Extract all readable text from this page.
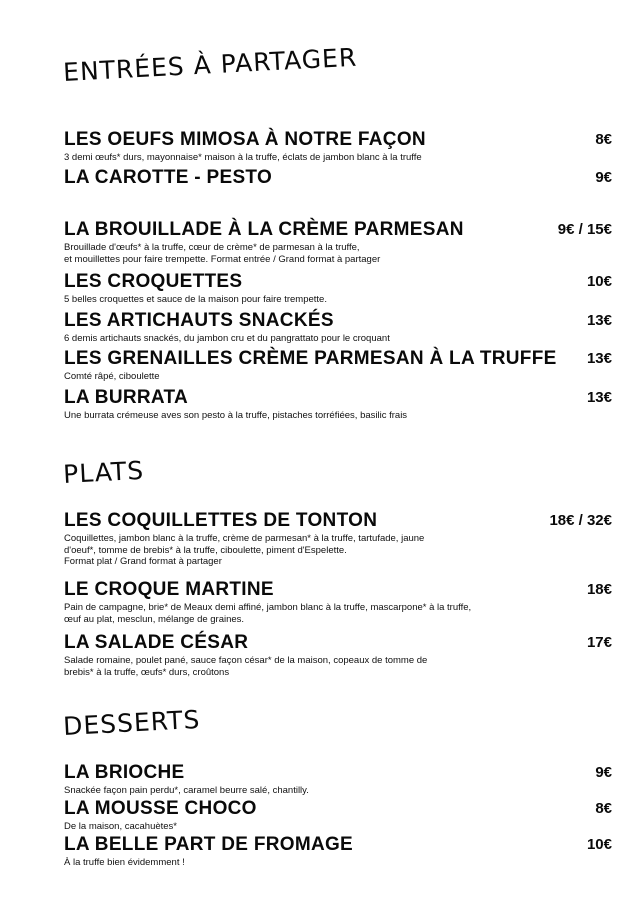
ENTRÉES À PARTAGER
LES OEUFS MIMOSA À NOTRE FAÇON	8€
3 demi œufs* durs, mayonnaise* maison à la truffe, éclats de jambon blanc à la truffe
LA CAROTTE - PESTO	9€
LA BROUILLADE À LA CRÈME PARMESAN	9€ / 15€
Brouillade d'œufs* à la truffe, cœur de crème* de parmesan à la truffe,
et mouillettes pour faire trempette. Format entrée / Grand format à partager
LES CROQUETTES	10€
5 belles croquettes et sauce de la maison pour faire trempette.
LES ARTICHAUTS SNACKÉS	13€
6 demis artichauts snackés, du jambon cru et du pangrattato pour le croquant
LES GRENAILLES CRÈME PARMESAN À LA TRUFFE 13€
Comté râpé, ciboulette
LA BURRATA	13€
Une burrata crémeuse aves son pesto à la truffe, pistaches torréfiées, basilic frais
PLATS
LES COQUILLETTES DE TONTON	18€ / 32€
Coquillettes, jambon blanc à la truffe, crème de parmesan* à la truffe, tartufade, jaune
d'oeuf*, tomme de brebis* à la truffe, ciboulette, piment d'Espelette.
Format plat / Grand format à partager
LE CROQUE MARTINE	18€
Pain de campagne, brie* de Meaux demi affiné, jambon blanc à la truffe, mascarpone* à la truffe,
œuf au plat, mesclun, mélange de graines.
LA SALADE CÉSAR	17€
Salade romaine, poulet pané, sauce façon césar* de la maison, copeaux de tomme de
brebis* à la truffe, œufs* durs, croûtons
DESSERTS
LA BRIOCHE	9€
Snackée façon pain perdu*, caramel beurre salé, chantilly.
LA MOUSSE CHOCO	8€
De la maison, cacahuètes*
LA BELLE PART DE FROMAGE	10€
À la truffe bien évidemment !
